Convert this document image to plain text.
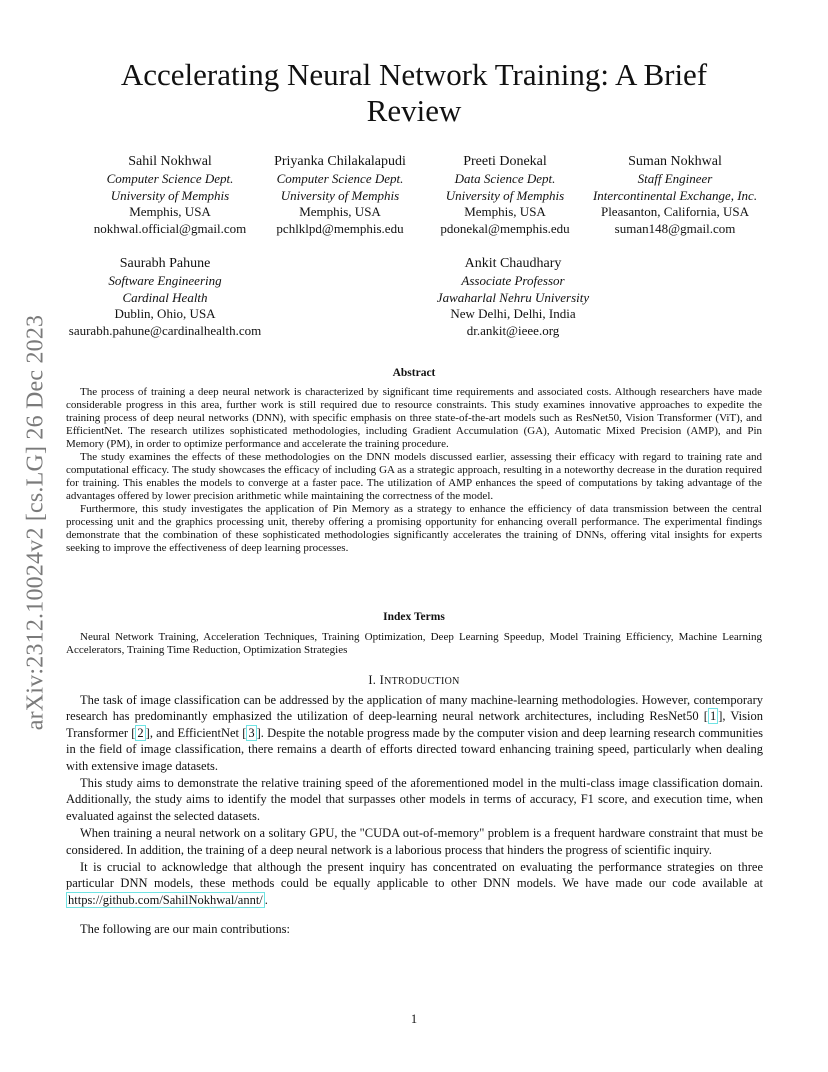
arXiv:2312.10024v2 [cs.LG] 26 Dec 2023
Accelerating Neural Network Training: A Brief Review
Sahil Nokhwal
Computer Science Dept.
University of Memphis
Memphis, USA
nokhwal.official@gmail.com
Priyanka Chilakalapudi
Computer Science Dept.
University of Memphis
Memphis, USA
pchlklpd@memphis.edu
Preeti Donekal
Data Science Dept.
University of Memphis
Memphis, USA
pdonekal@memphis.edu
Suman Nokhwal
Staff Engineer
Intercontinental Exchange, Inc.
Pleasanton, California, USA
suman148@gmail.com
Saurabh Pahune
Software Engineering
Cardinal Health
Dublin, Ohio, USA
saurabh.pahune@cardinalhealth.com
Ankit Chaudhary
Associate Professor
Jawaharlal Nehru University
New Delhi, Delhi, India
dr.ankit@ieee.org
Abstract

The process of training a deep neural network is characterized by significant time requirements and associated costs. Although researchers have made considerable progress in this area, further work is still required due to resource constraints. This study examines innovative approaches to expedite the training process of deep neural networks (DNN), with specific emphasis on three state-of-the-art models such as ResNet50, Vision Transformer (ViT), and EfficientNet. The research utilizes sophisticated methodologies, including Gradient Accumulation (GA), Automatic Mixed Precision (AMP), and Pin Memory (PM), in order to optimize performance and accelerate the training procedure.

The study examines the effects of these methodologies on the DNN models discussed earlier, assessing their efficacy with regard to training rate and computational efficacy. The study showcases the efficacy of including GA as a strategic approach, resulting in a noteworthy decrease in the duration required for training. This enables the models to converge at a faster pace. The utilization of AMP enhances the speed of computations by taking advantage of the advantages offered by lower precision arithmetic while maintaining the correctness of the model.

Furthermore, this study investigates the application of Pin Memory as a strategy to enhance the efficiency of data transmission between the central processing unit and the graphics processing unit, thereby offering a promising opportunity for enhancing overall performance. The experimental findings demonstrate that the combination of these sophisticated methodologies significantly accelerates the training of DNNs, offering vital insights for experts seeking to improve the effectiveness of deep learning processes.

Index Terms

Neural Network Training, Acceleration Techniques, Training Optimization, Deep Learning Speedup, Model Training Efficiency, Machine Learning Accelerators, Training Time Reduction, Optimization Strategies

I. INTRODUCTION

The task of image classification can be addressed by the application of many machine-learning methodologies. However, contemporary research has predominantly emphasized the utilization of deep-learning neural network architectures, including ResNet50 [ 1 ], Vision Transformer [ 2 ], and EfficientNet [ 3 ]. Despite the notable progress made by the computer vision and deep learning research communities in the field of image classification, there remains a dearth of efforts directed toward enhancing training speed, particularly when dealing with extensive image datasets.

This study aims to demonstrate the relative training speed of the aforementioned model in the multi-class image classification domain. Additionally, the study aims to identify the model that surpasses other models in terms of accuracy, F1 score, and execution time, when evaluated against the selected datasets.

When training a neural network on a solitary GPU, the "CUDA out-of-memory" problem is a frequent hardware constraint that must be considered. In addition, the training of a deep neural network is a laborious process that hinders the progress of scientific inquiry.

It is crucial to acknowledge that although the present inquiry has concentrated on evaluating the performance strategies on three particular DNN models, these methods could be equally applicable to other DNN models. We have made our code available at https://github.com/SahilNokhwal/annt/ .

The following are our main contributions:

1
